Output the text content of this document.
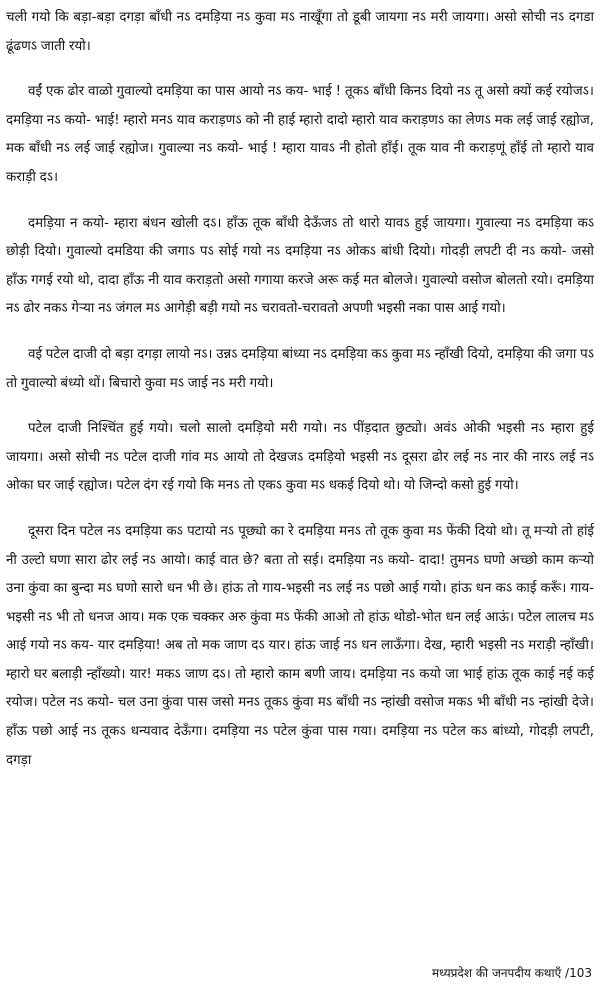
चली गयो कि बड़ा-बड़ा दगड़ा बाँधी नऽ दमड़िया नऽ कुवा मऽ नाखूँगा तो डूबी जायगा नऽ मरी जायगा। असो सोची नऽ दगडा ढूंढणऽ जाती रयो।

वईं एक ढोर वाळो गुवाल्यो दमड़िया का पास आयो नऽ कय- भाई ! तूकऽ बाँधी किनऽ दियो नऽ तू असो क्यों कई रयोजऽ। दमड़िया नऽ कयो- भाई! म्हारो मनऽ याव कराड़णऽ को नी हाई म्हारो दादो म्हारो याव कराड़णऽ का लेणऽ मक लई जाई रह्योज, मक बाँधी नऽ लई जाई रह्योज। गुवाल्या नऽ कयो- भाई ! म्हारा यावऽ नी होतो हाँई। तूक याव नी कराड़णूं हाँई तो म्हारो याव कराड़ी दऽ।

दमड़िया न कयो- म्हारा बंधन खोली दऽ। हाँऊ तूक बाँधी देऊँजऽ तो थारो यावऽ हुई जायगा। गुवाल्या नऽ दमड़िया कऽ छोड़ी दियो। गुवाल्यो दमडिया की जगाऽ पऽ सोई गयो नऽ दमड़िया नऽ ओकऽ बांधी दियो। गोदड़ी लपटी दी नऽ कयो- जसो हाँऊ गगई रयो थो, दादा हाँऊ नी याव कराड़तो असो गगाया करजे अरू कई मत बोलजे। गुवाल्यो वसोज बोलतो रयो। दमड़िया नऽ ढोर नकऽ गेऱ्या नऽ जंगल मऽ आगेड़ी बड़ी गयो नऽ चरावतो-चरावतो अपणी भइसी नका पास आई गयो।

वई पटेल दाजी दो बड़ा दगड़ा लायो नऽ। उन्नऽ दमड़िया बांध्या नऽ दमड़िया कऽ कुवा मऽ न्हाँखी दियो, दमड़िया की जगा पऽ तो गुवाल्यो बंध्यो थों। बिचारो कुवा मऽ जाई नऽ मरी गयो।

पटेल दाजी निश्चिंत हुई गयो। चलो सालो दमड़ियो मरी गयो। नऽ पींड़दात छुट्यो। अवंऽ ओकी भइसी नऽ म्हारा हुई जायगा। असो सोची नऽ पटेल दाजी गांव मऽ आयो तो देखजऽ दमड़ियो भइसी नऽ दूसरा ढोर लई नऽ नार की नारऽ लई नऽ ओका घर जाई रह्योज। पटेल दंग रई गयो कि मनऽ तो एकऽ कुवा मऽ धकई दियो थो। यो जिन्दो कसो हुई गयो।

दूसरा दिन पटेल नऽ दमड़िया कऽ पटायो नऽ पूछ्यो का रे दमड़िया मनऽ तो तूक कुवा मऽ फेंकी दियो थो। तू मऱ्यो तो हांई नी उल्टो घणा सारा ढोर लई नऽ आयो। काई वात छे? बता तो सई। दमड़िया नऽ कयो- दादा! तुमनऽ घणो अच्छो काम कऱ्यो उना कुंवा का बुन्दा मऽ घणो सारो धन भी छे। हांऊ तो गाय-भइसी नऽ लई नऽ पछो आई गयो। हांऊ धन कऽ काई करूँ। गाय-भइसी नऽ भी तो धनज आय। मक एक चक्कर अरु कुंवा मऽ फेंकी आओ तो हांऊ थोडो-भोत धन लई आऊं। पटेल लालच मऽ आई गयो नऽ कय- यार दमड़िया! अब तो मक जाण दऽ यार। हांऊ जाई नऽ धन लाऊँगा। देख, म्हारी भइसी नऽ मराड़ी न्हाँखी। म्हारो घर बलाड़ी न्हाँख्यो। यार! मकऽ जाण दऽ। तो म्हारो काम बणी जाय। दमड़िया नऽ कयो जा भाई हांऊ तूक काई नई कई रयोज। पटेल नऽ कयो- चल उना कुंवा पास जसो मनऽ तूकऽ कुंवा मऽ बाँधी नऽ न्हांखी वसोज मकऽ भी बाँधी नऽ न्हांखी देजे। हाँऊ पछो आई नऽ तूकऽ धन्यवाद देऊँगा। दमड़िया नऽ पटेल कुंवा पास गया। दमड़िया नऽ पटेल कऽ बांध्यो, गोदड़ी लपटी, दगड़ा

मध्यप्रदेश की जनपदीय कथाएँ /103
